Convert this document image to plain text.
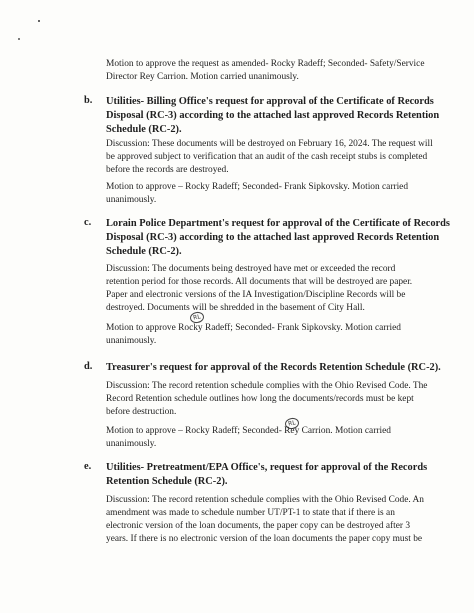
Motion to approve the request as amended- Rocky Radeff; Seconded- Safety/Service

Director Rey Carrion. Motion carried unanimously.

b. Utilities- Billing Office's request for approval of the Certificate of Records
Disposal (RC-3) according to the attached last approved Records Retention
Schedule (RC-2).

Discussion: These documents will be destroyed on February 16, 2024. The request will

be approved subject to verification that an audit of the cash receipt stubs is completed

before the records are destroyed.

Motion to approve – Rocky Radeff; Seconded- Frank Sipkovsky. Motion carried

unanimously.

c. Lorain Police Department's request for approval of the Certificate of Records
Disposal (RC-3) according to the attached last approved Records Retention
Schedule (RC-2).

Discussion: The documents being destroyed have met or exceeded the record

retention period for those records. All documents that will be destroyed are paper.

Paper and electronic versions of the IA Investigation/Discipline Records will be

destroyed. Documents will be shredded in the basement of City Hall.

RL

Motion to approve Rocky Radeff; Seconded- Frank Sipkovsky. Motion carried

unanimously.

d. Treasurer's request for approval of the Records Retention Schedule (RC-2).

Discussion: The record retention schedule complies with the Ohio Revised Code. The

Record Retention schedule outlines how long the documents/records must be kept

before destruction.

RL

Motion to approve – Rocky Radeff; Seconded- Rey Carrion. Motion carried

unanimously.

e. Utilities- Pretreatment/EPA Office's, request for approval of the Records
Retention Schedule (RC-2).

Discussion: The record retention schedule complies with the Ohio Revised Code. An

amendment was made to schedule number UT/PT-1 to state that if there is an

electronic version of the loan documents, the paper copy can be destroyed after 3

years. If there is no electronic version of the loan documents the paper copy must be
